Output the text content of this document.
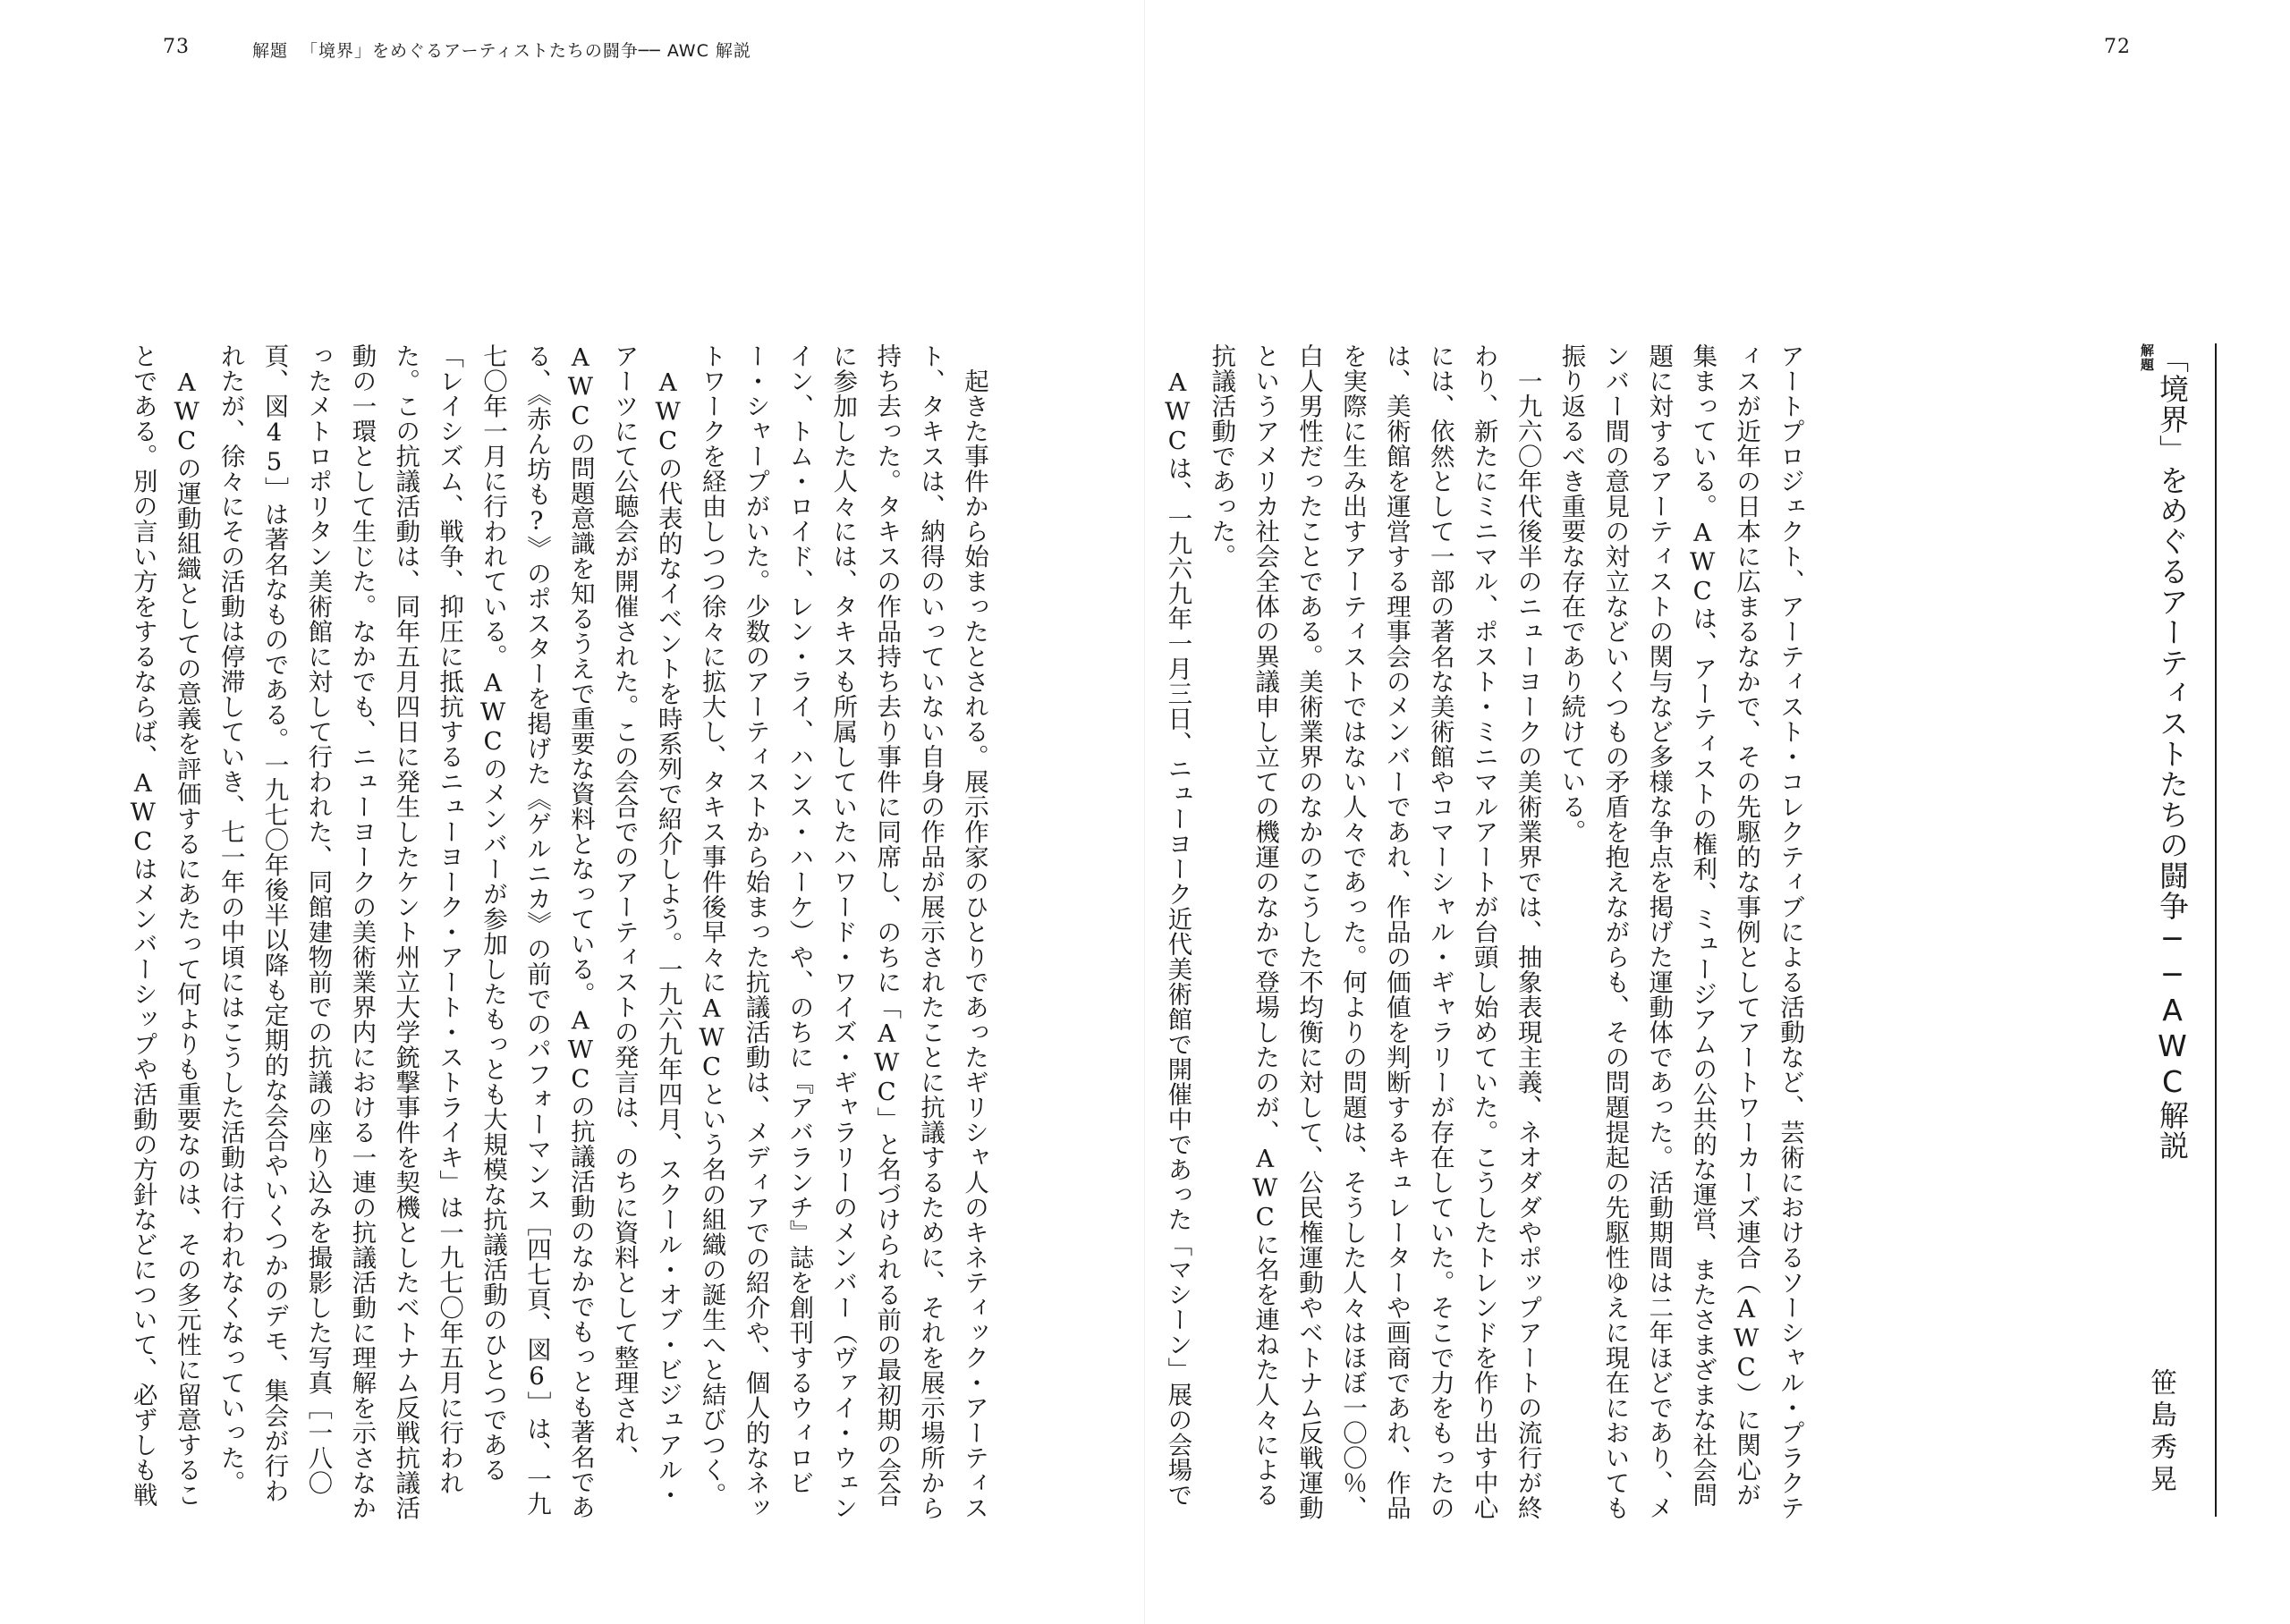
73	解題 「境界」をめぐるアーティストたちの闘争── AWC 解説

起きた事件から始まったとされる。展示作家のひとりであったギリシャ人のキネティック・アーティスト、タキスは、納得のいっていない自身の作品が展示されたことに抗議するために、それを展示場所から持ち去った。タキスの作品持ち去り事件に同席し、のちに「AWC」と名づけられる前の最初期の会合に参加した人々には、タキスも所属していたハワード・ワイズ・ギャラリーのメンバー（ヴァイ・ウェンイン、トム・ロイド、レン・ライ、ハンス・ハーケ）や、のちに『アバランチ』誌を創刊するウィロビー・シャープがいた。少数のアーティストから始まった抗議活動は、メディアでの紹介や、個人的なネットワークを経由しつつ徐々に拡大し、タキス事件後早々にAWCという名の組織の誕生へと結びつく。

AWCの代表的なイベントを時系列で紹介しよう。一九六九年四月、スクール・オブ・ビジュアル・アーツにて公聴会が開催された。この会合でのアーティストの発言は、のちに資料として整理され、AWCの問題意識を知るうえで重要な資料となっている。AWCの抗議活動のなかでもっとも著名である、《赤ん坊も?》のポスターを掲げた《ゲルニカ》の前でのパフォーマンス［四七頁、図6］は、一九七〇年一月に行われている。AWCのメンバーが参加したもっとも大規模な抗議活動のひとつである「レイシズム、戦争、抑圧に抵抗するニューヨーク・アート・ストライキ」は一九七〇年五月に行われた。この抗議活動は、同年五月四日に発生したケント州立大学銃撃事件を契機としたベトナム反戦抗議活動の一環として生じた。なかでも、ニューヨークの美術業界内における一連の抗議活動に理解を示さなかったメトロポリタン美術館に対して行われた、同館建物前での抗議の座り込みを撮影した写真［一八〇頁、図45］は著名なものである。一九七〇年後半以降も定期的な会合やいくつかのデモ、集会が行われたが、徐々にその活動は停滞していき、七一年の中頃にはこうした活動は行われなくなっていった。

AWCの運動組織としての意義を評価するにあたって何よりも重要なのは、その多元性に留意することである。別の言い方をするならば、AWCはメンバーシップや活動の方針などについて、必ずしも戦

72

アートプロジェクト、アーティスト・コレクティブによる活動など、芸術におけるソーシャル・プラクティスが近年の日本に広まるなかで、その先駆的な事例としてアートワーカーズ連合（AWC）に関心が集まっている。AWCは、アーティストの権利、ミュージアムの公共的な運営、またさまざまな社会問題に対するアーティストの関与など多様な争点を掲げた運動体であった。活動期間は二年ほどであり、メンバー間の意見の対立などいくつもの矛盾を抱えながらも、その問題提起の先駆性ゆえに現在においても振り返るべき重要な存在であり続けている。

一九六〇年代後半のニューヨークの美術業界では、抽象表現主義、ネオダダやポップアートの流行が終わり、新たにミニマル、ポスト・ミニマルアートが台頭し始めていた。こうしたトレンドを作り出す中心には、依然として一部の著名な美術館やコマーシャル・ギャラリーが存在していた。そこで力をもったのは、美術館を運営する理事会のメンバーであれ、作品の価値を判断するキュレーターや画商であれ、作品を実際に生み出すアーティストではない人々であった。何よりの問題は、そうした人々はほぼ一〇〇％、白人男性だったことである。美術業界のなかのこうした不均衡に対して、公民権運動やベトナム反戦運動というアメリカ社会全体の異議申し立ての機運のなかで登場したのが、AWCに名を連ねた人々による抗議活動であった。

AWCは、一九六九年一月三日、ニューヨーク近代美術館で開催中であった「マシーン」展の会場で	「境界」をめぐるアーティストたちの闘争──AWC解説
解題
笹島秀晃
